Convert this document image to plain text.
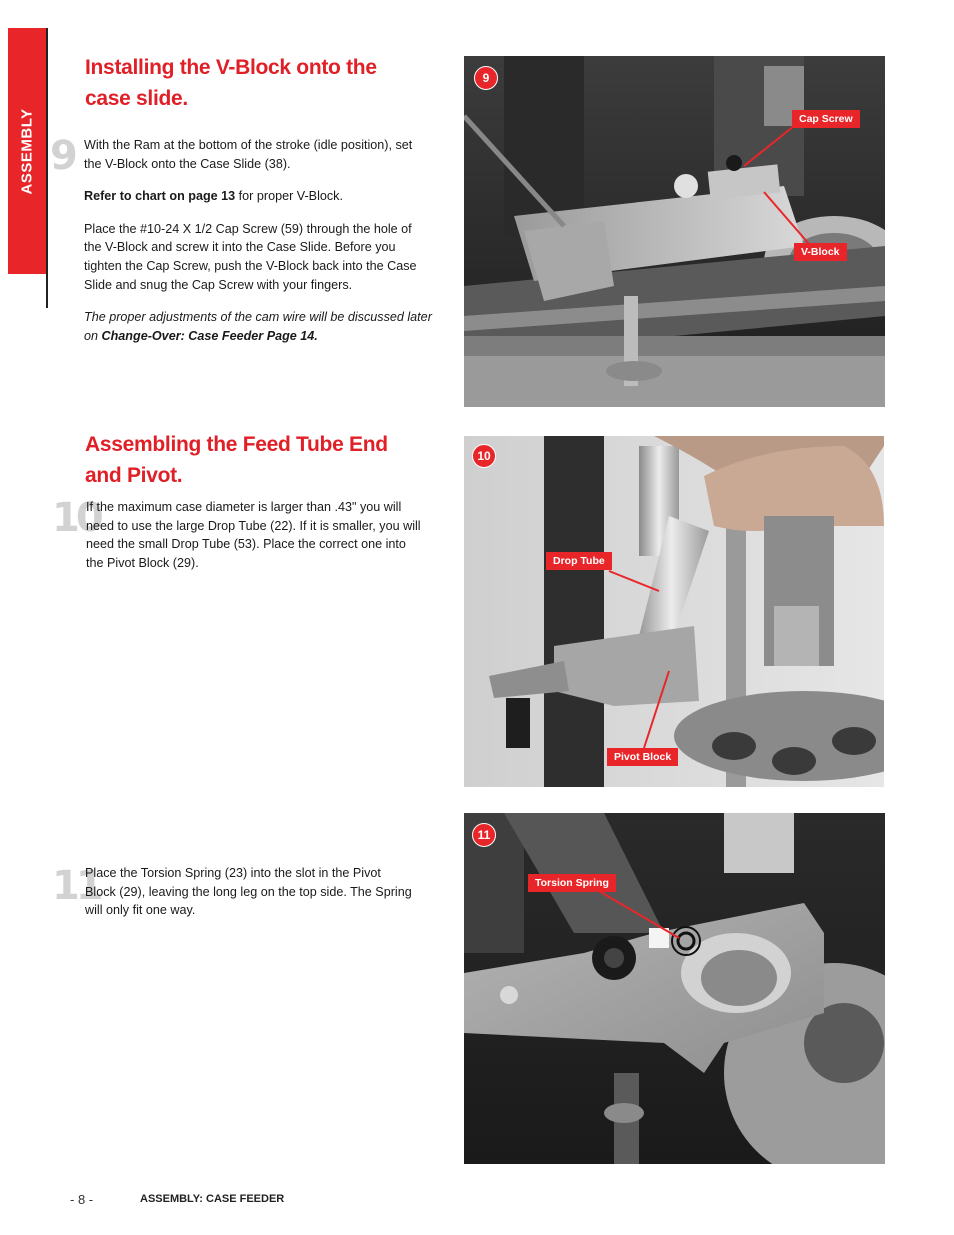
ASSEMBLY
Installing the V-Block onto the
case slide.
9 With the Ram at the bottom of the stroke (idle position), set the V-Block onto the Case Slide (38).

Refer to chart on page 13 for proper V-Block.

Place the #10-24 X 1/2 Cap Screw (59) through the hole of the V-Block and screw it into the Case Slide. Before you tighten the Cap Screw, push the V-Block back into the Case Slide and snug the Cap Screw with your fingers.

The proper adjustments of the cam wire will be discussed later on Change-Over: Case Feeder Page 14.

Assembling the Feed Tube End
and Pivot.
10

If the maximum case diameter is larger than .43" you will need to use the large Drop Tube (22). If it is smaller, you will need the small Drop Tube (53). Place the correct one into the Pivot Block (29).

11

Place the Torsion Spring (23) into the slot in the Pivot Block (29), leaving the long leg on the top side. The Spring will only fit one way.

9
Cap Screw
V-Block
10
Drop Tube
Pivot Block
11
Torsion Spring
- 8 -	ASSEMBLY: CASE FEEDER
